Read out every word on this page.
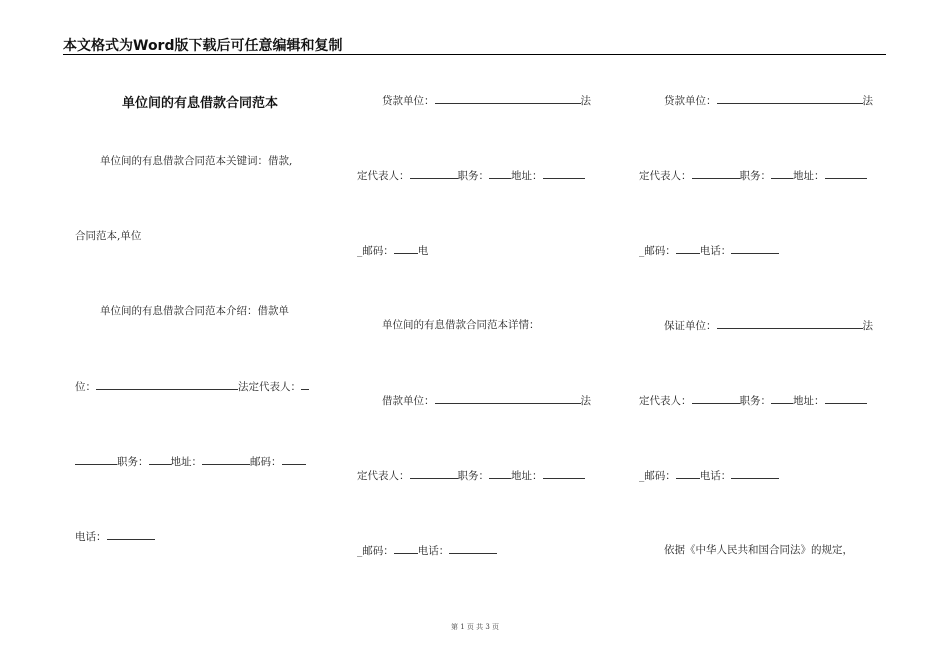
本文格式为Word版下载后可任意编辑和复制
单位间的有息借款合同范本
单位间的有息借款合同范本关键词：借款,
合同范本,单位
单位间的有息借款合同范本介绍：借款单
位：	法定代表人：
职务： 地址：	邮码：
电话：
贷款单位：	法
定代表人：	职务： 地址：
_邮码： 电
单位间的有息借款合同范本详情：
借款单位：	法
定代表人：	职务： 地址：
_邮码： 电话：
贷款单位：	法
定代表人：	职务： 地址：
_邮码： 电话：
保证单位：	法
定代表人：	职务： 地址：
_邮码： 电话：
依据《中华人民共和国合同法》的规定，
第 1 页 共 3 页
